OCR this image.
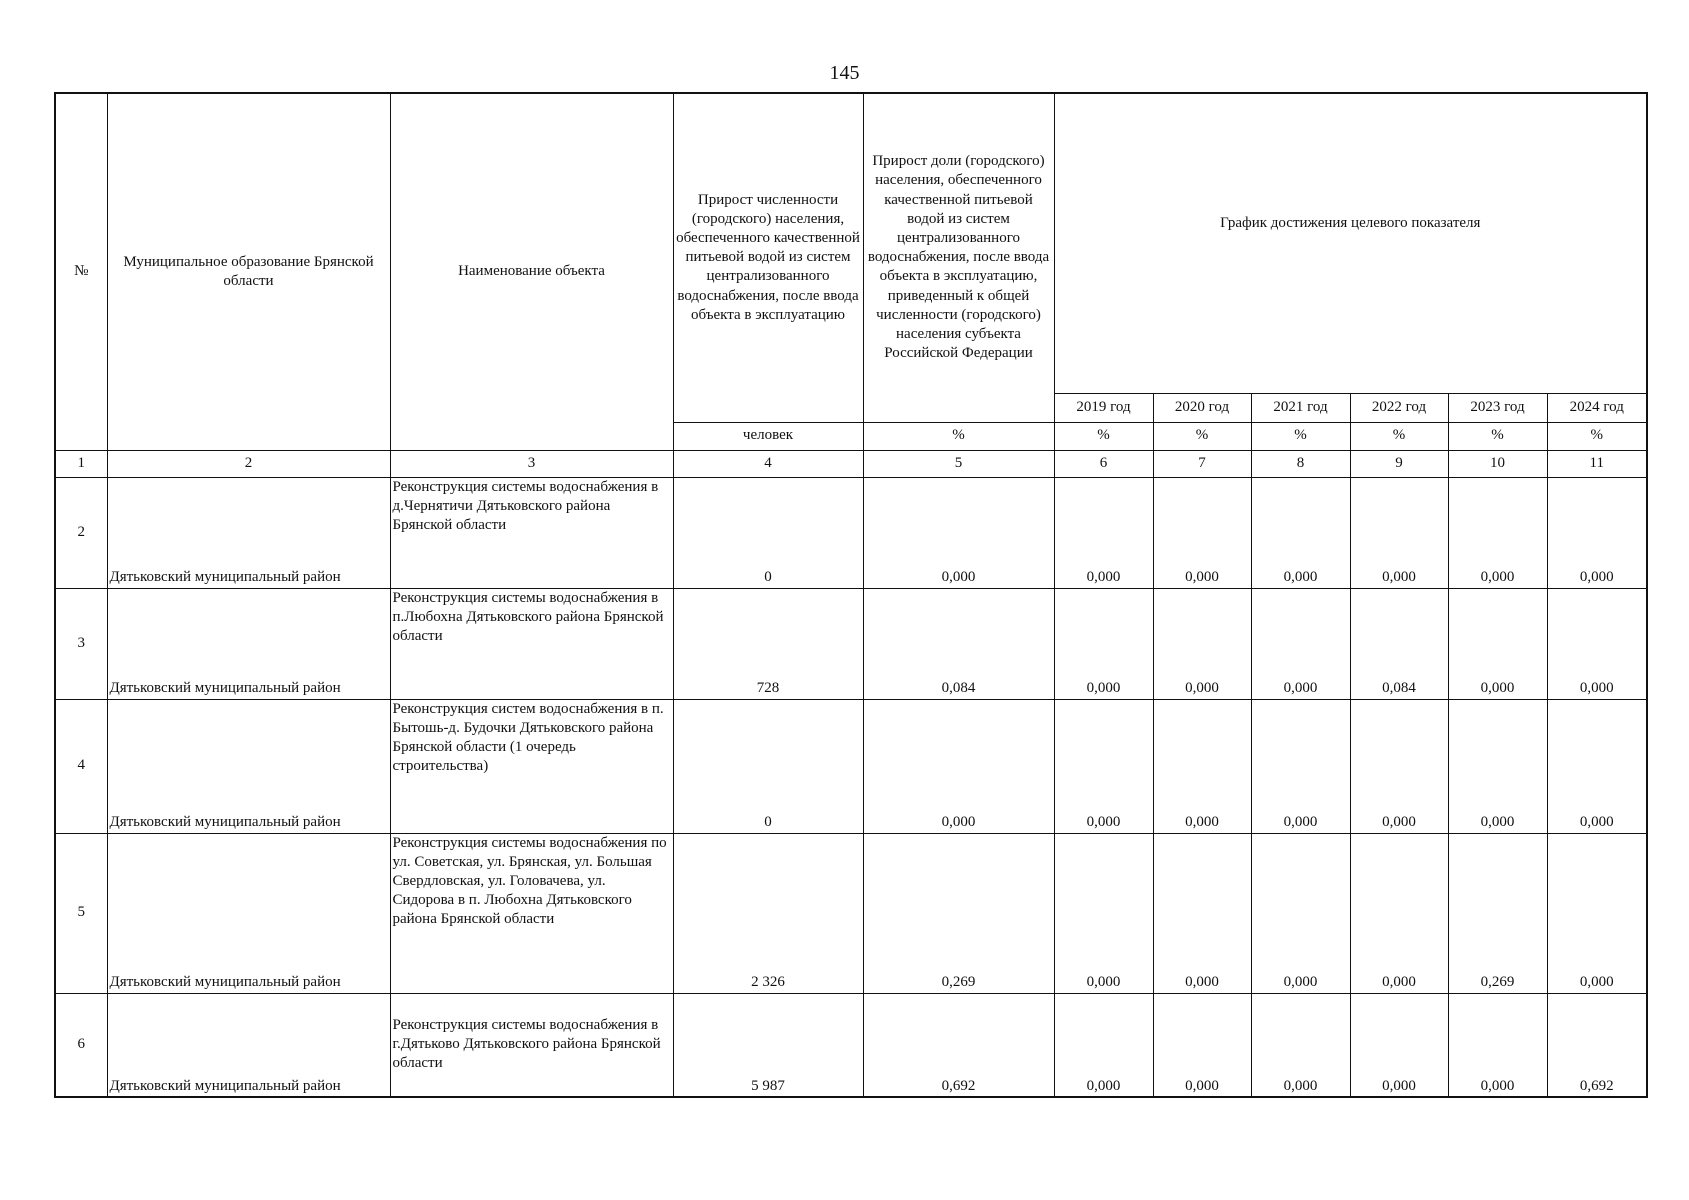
145
№	Муниципальное образование Брянской области	Наименование объекта	Прирост численности (городского) населения, обеспеченного качественной питьевой водой из систем централизованного водоснабжения, после ввода объекта в эксплуатацию	Прирост доли (городского) населения, обеспеченного качественной питьевой водой из систем централизованного водоснабжения, после ввода объекта в эксплуатацию, приведенный к общей численности (городского) населения субъекта Российской Федерации	График достижения целевого показателя					
					2019 год	2020 год	2021 год	2022 год	2023 год	2024 год
			человек	%	%	%	%	%	%	%
1	2	3	4	5	6	7	8	9	10	11
2	Дятьковский муниципальный район	Реконструкция системы водоснабжения в д.Чернятичи Дятьковского района Брянской области	0	0,000	0,000	0,000	0,000	0,000	0,000	0,000
3	Дятьковский муниципальный район	Реконструкция системы водоснабжения в п.Любохна Дятьковского района Брянской области	728	0,084	0,000	0,000	0,000	0,084	0,000	0,000
4	Дятьковский муниципальный район	Реконструкция систем водоснабжения в п. Бытошь-д. Будочки Дятьковского района Брянской области (1 очередь строительства)	0	0,000	0,000	0,000	0,000	0,000	0,000	0,000
5	Дятьковский муниципальный район	Реконструкция системы водоснабжения по ул. Советская, ул. Брянская, ул. Большая Свердловская, ул. Головачева, ул. Сидорова в п. Любохна Дятьковского района Брянской области	2 326	0,269	0,000	0,000	0,000	0,000	0,269	0,000
6	Дятьковский муниципальный район	Реконструкция системы водоснабжения в г.Дятьково Дятьковского района Брянской области	5 987	0,692	0,000	0,000	0,000	0,000	0,000	0,692
